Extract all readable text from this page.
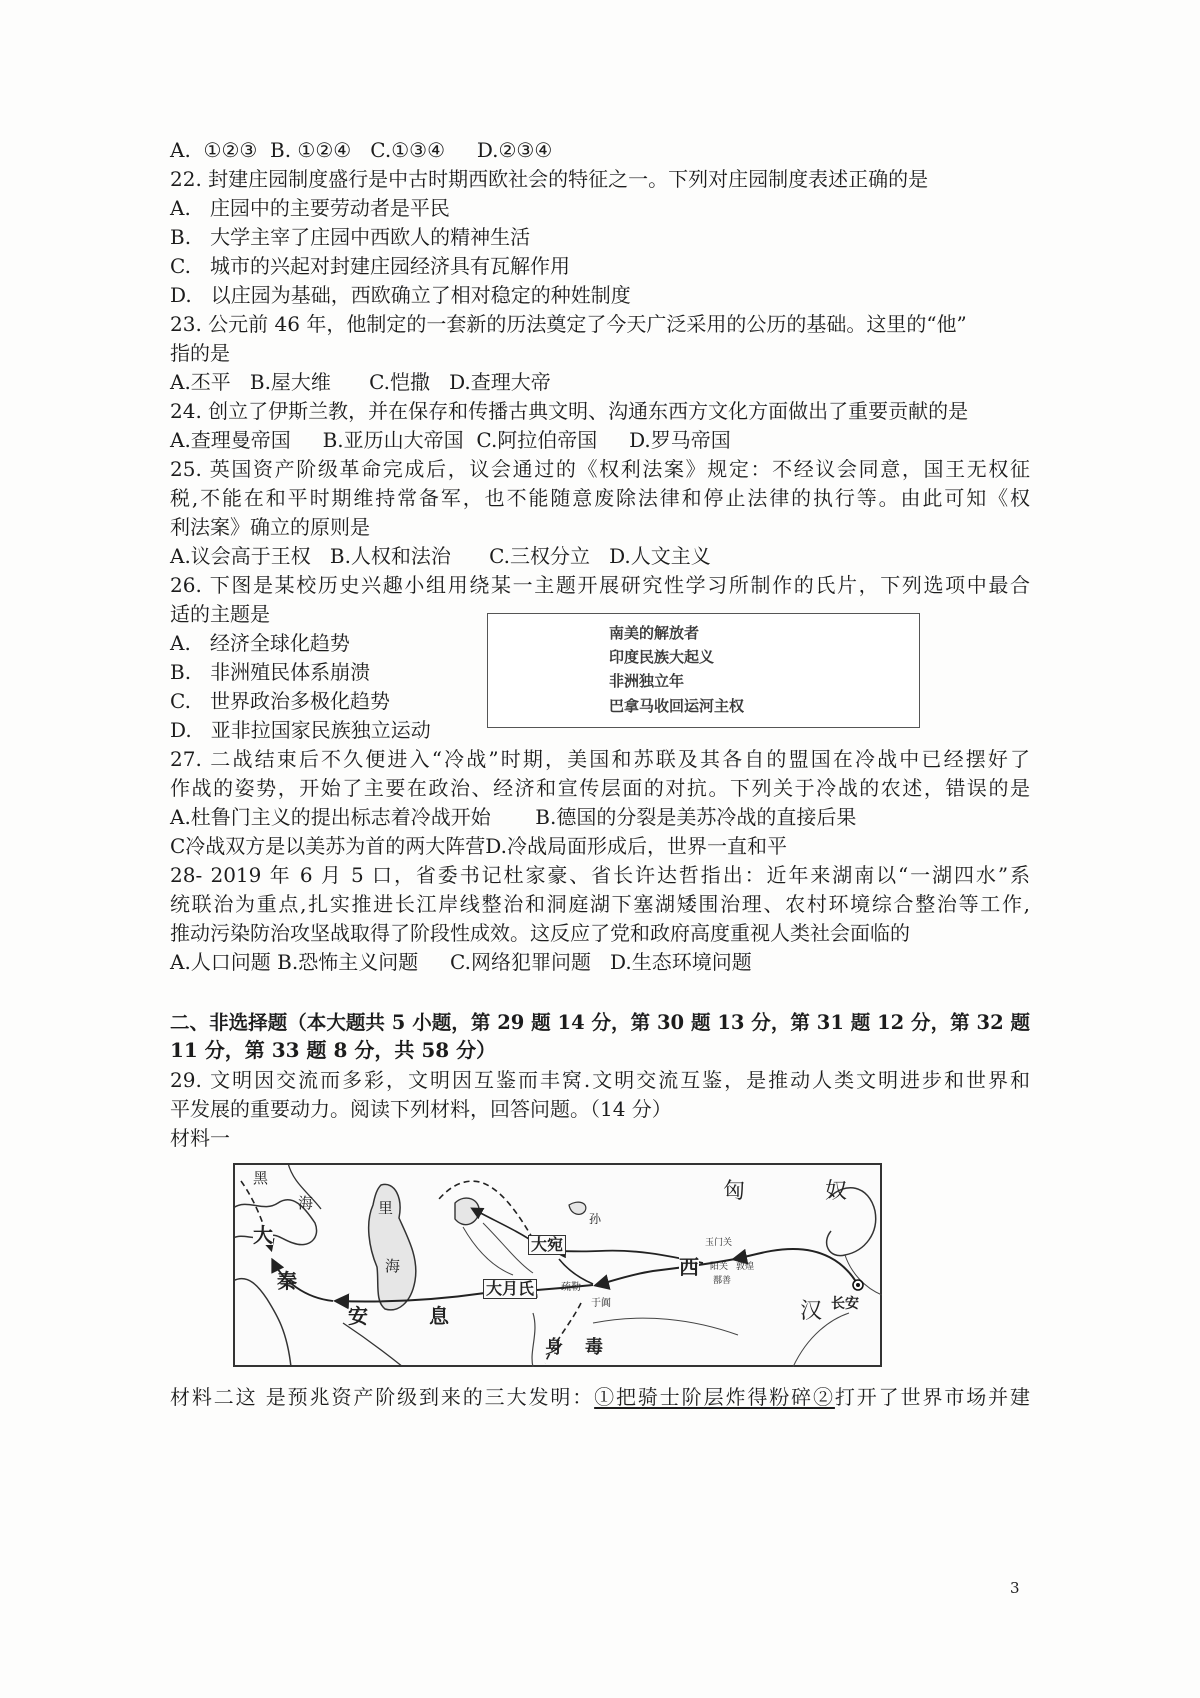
A.  ①②③  B. ①②④   C.①③④     D.②③④
22. 封建庄园制度盛行是中古时期西欧社会的特征之一。下列对庄园制度表述正确的是
A.   庄园中的主要劳动者是平民
B.   大学主宰了庄园中西欧人的精神生活
C.   城市的兴起对封建庄园经济具有瓦解作用
D.   以庄园为基础，西欧确立了相对稳定的种姓制度
23. 公元前 46 年，他制定的一套新的历法奠定了今天广泛采用的公历的基础。这里的“他”
指的是
A.丕平   B.屋大维      C.恺撒   D.查理大帝
24. 创立了伊斯兰教，并在保存和传播古典文明、沟通东西方文化方面做出了重要贡献的是
A.查理曼帝国     B.亚历山大帝国  C.阿拉伯帝国     D.罗马帝国
25. 英国资产阶级革命完成后，议会通过的《权利法案》规定：不经议会同意，国王无权征
税,不能在和平时期维持常备军，也不能随意废除法律和停止法律的执行等。由此可知《权
利法案》确立的原则是
A.议会高于王权   B.人权和法治      C.三权分立   D.人文主义
26. 下图是某校历史兴趣小组用绕某一主题开展研究性学习所制作的氏片，下列选项中最合
适的主题是
A.   经济全球化趋势
B.   非洲殖民体系崩溃
C.   世界政治多极化趋势
D.   亚非拉国家民族独立运动
南美的解放者
印度民族大起义
非洲独立年
巴拿马收回运河主权
27. 二战结束后不久便进入“冷战”时期，美国和苏联及其各自的盟国在冷战中已经摆好了
作战的姿势，开始了主要在政治、经济和宣传层面的对抗。下列关于冷战的农述，错误的是
A.杜鲁门主义的提出标志着冷战开始       B.德国的分裂是美苏冷战的直接后果
C冷战双方是以美苏为首的两大阵营D.冷战局面形成后，世界一直和平
28- 2019 年 6 月 5 口，省委书记杜家豪、省长许达哲指出：近年来湖南以“一湖四水”系
统联治为重点,扎实推进长江岸线整治和洞庭湖下塞湖矮围治理、农村环境综合整治等工作,
推动污染防治攻坚战取得了阶段性成效。这反应了党和政府高度重视人类社会面临的
A.人口问题 B.恐怖主义问题     C.网络犯罪问题   D.生态环境问题
二、非选择题（本大题共 5 小题，第 29 题 14 分，第 30 题 13 分，第 31 题 12 分，第 32 题
11 分，第 33 题 8 分，共 58 分）
29. 文明因交流而多彩，文明因互鉴而丰窝.文明交流互鉴，是推动人类文明进步和世界和
平发展的重要动力。阅读下列材料，回答问题。（14 分）
材料一
黑
海	里
海
大
秦
安	息
大宛
大月氏	疏勒
孙
匈	奴
西
玉门关
阳关 敦煌
鄯善
于阗	汉 长安
身 毒
材料二这 是预兆资产阶级到来的三大发明：①把骑士阶层炸得粉碎②打开了世界市场并建
3
